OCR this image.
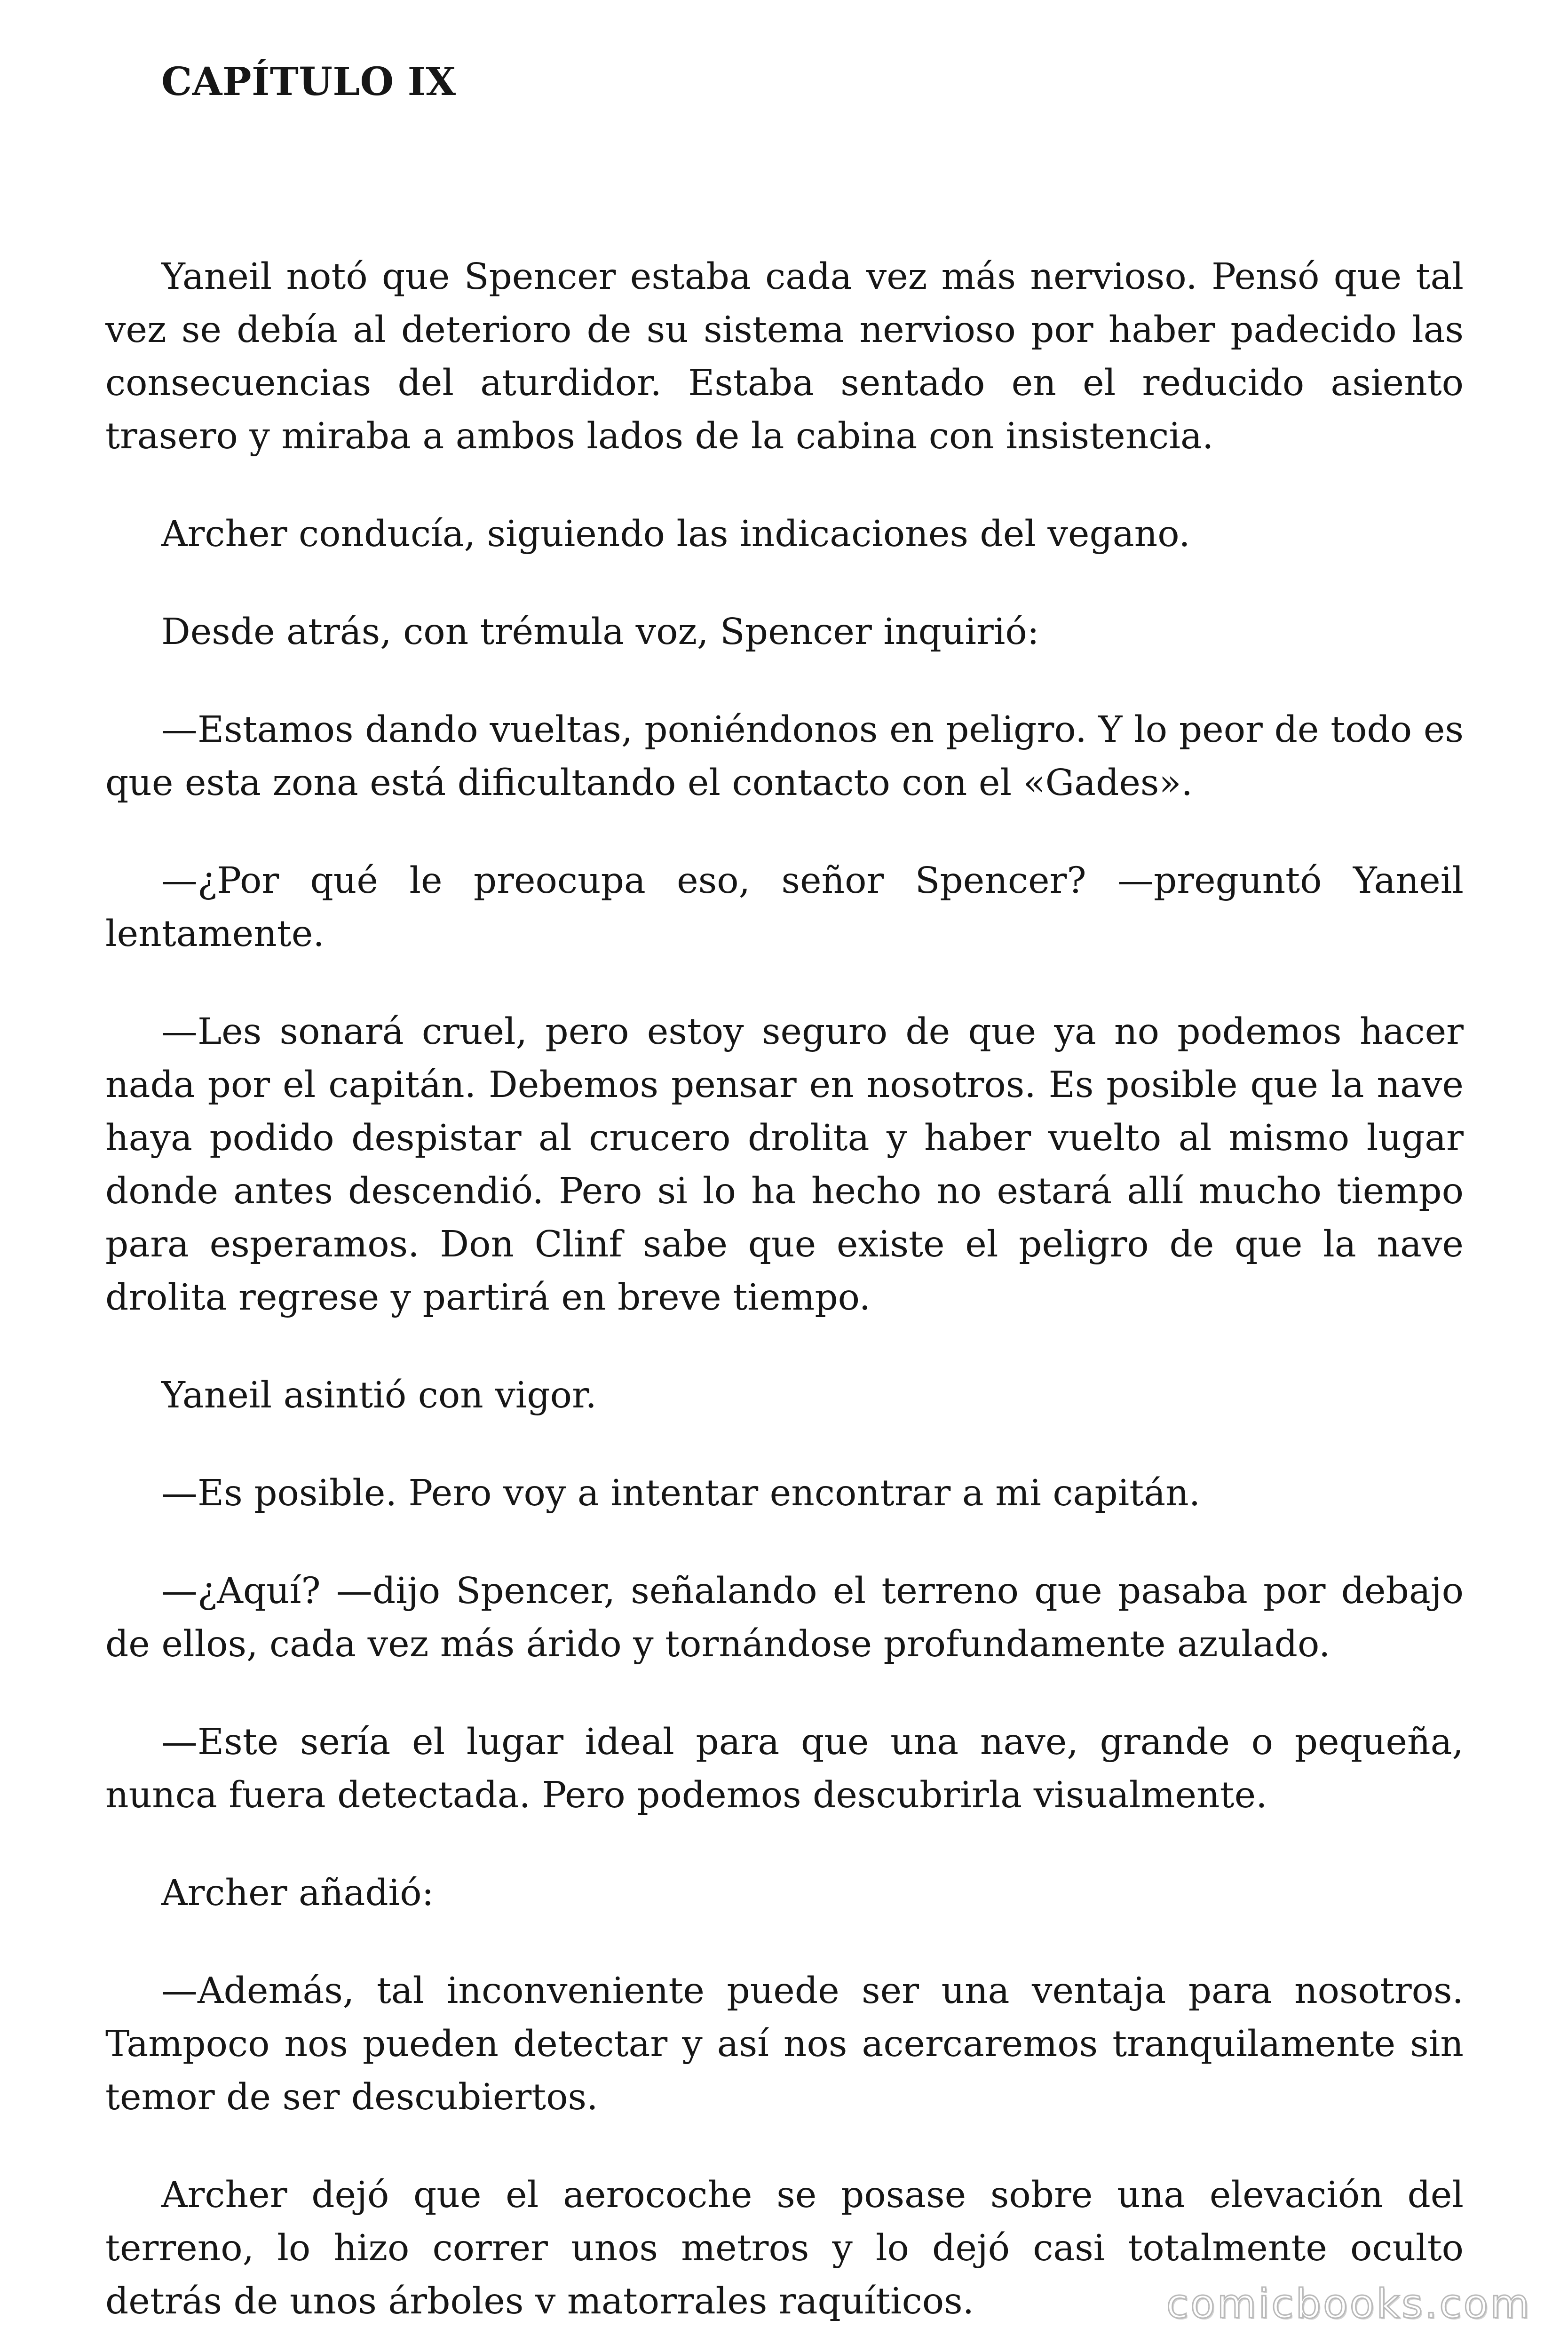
CAPÍTULO IX

Yaneil notó que Spencer estaba cada vez más nervioso. Pensó que tal vez se debía al deterioro de su sistema nervioso por haber padecido las consecuencias del aturdidor. Estaba sentado en el reducido asiento trasero y miraba a ambos lados de la cabina con insistencia.

Archer conducía, siguiendo las indicaciones del vegano.

Desde atrás, con trémula voz, Spencer inquirió:

—Estamos dando vueltas, poniéndonos en peligro. Y lo peor de todo es que esta zona está dificultando el contacto con el «Gades».

—¿Por qué le preocupa eso, señor Spencer? —preguntó Yaneil lentamente.

—Les sonará cruel, pero estoy seguro de que ya no podemos hacer nada por el capitán. Debemos pensar en nosotros. Es posible que la nave haya podido despistar al crucero drolita y haber vuelto al mismo lugar donde antes descendió. Pero si lo ha hecho no estará allí mucho tiempo para esperamos. Don Clinf sabe que existe el peligro de que la nave drolita regrese y partirá en breve tiempo.

Yaneil asintió con vigor.

—Es posible. Pero voy a intentar encontrar a mi capitán.

—¿Aquí? —dijo Spencer, señalando el terreno que pasaba por debajo de ellos, cada vez más árido y tornándose profundamente azulado.

—Este sería el lugar ideal para que una nave, grande o pequeña, nunca fuera detectada. Pero podemos descubrirla visualmente.

Archer añadió:

—Además, tal inconveniente puede ser una ventaja para nosotros. Tampoco nos pueden detectar y así nos acercaremos tranquilamente sin temor de ser descubiertos.

Archer dejó que el aerocoche se posase sobre una elevación del terreno, lo hizo correr unos metros y lo dejó casi totalmente oculto detrás de unos árboles v matorrales raquíticos.	comicbooks.com
